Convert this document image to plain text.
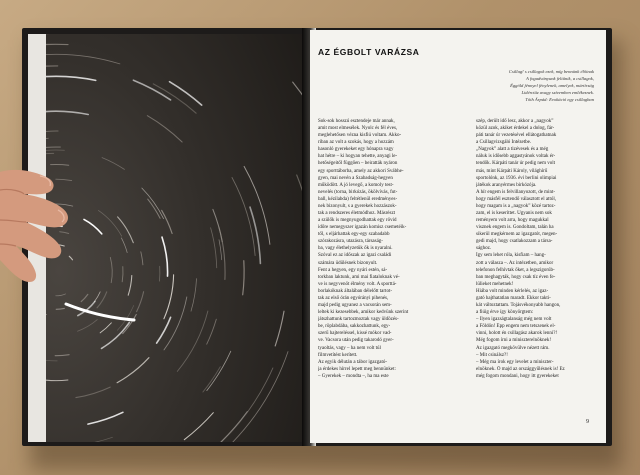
AZ ÉGBOLT VARÁZSA
Csillag! s csillagok ezek, míg bennünk élőinak
A fogadványunk feltűnik, a csillagok,
Éggöld fénnyel fénylenek, amelyek, mártírság
Lidérctűz avagy szívemben emlékeznek.
Tóth Árpád: Evokáció egy csillagban
Sok-sok hosszú esztendeje már annak,
amit most elmesélek. Nyolc és fél éves,
meglehetősen vézna kisfiú voltam. Akko-
riban az volt a szokás, hogy a hozzám
hasonló gyerekeket egy hónapra vagy
hat hétre – ki hogyan tehette, anyagi le-
hetőségeitől függően – beiratták nyáron
egy sporttáborba, amely az akkori Svábhe-
gyen, mai nevén a Szabadság-hegyen
működött. A jó levegő, a komoly test-
nevelés (torna, birkózás, ökölvívás, fut-
ball, kézilabda) feltétlenül eredményes-
nek bizonyult, s a gyerekek hozzászok-
tak a rendszeres életmódhoz. Másrészt
a szülők is megnyugodhattak egy rövid
időre nemegyszer igazán komisz csemetéik-
től, s eljárhattak egy-egy szabadabb
szórakozásra, utazásra, társaság-
ba, vagy élethelyzetük ők is nyaralni.
Szóval ez az időszak az igazi családi
számára üdülésnek bizonyult.
Fent a hegyen, egy nyári estén, sá-
torkban laktunk, ami mai fiataloknak vé-
ve is negyvenöt élmény volt. A sporttá-
borlakóknak általában délelőtt tartot-
tak az első órán egyórányi pihenés,
majd pedig ugyanez a vacsorán sem-
leltek ki kezesebbek, amikor kedvünk szerint
játszhattunk tartozmoztak vagy üldözés-
be, röplabdába, sakkozhattunk, egy-
szerű hajtereléssel, kissé mókor vad-
ve. Vacsora után pedig takarodó gyer-
tyaoltás, vagy – ha nem volt túl
filmvetítést kerített.
Az egyik délután a tábor igazgató-
ja érdekes hírrel lepett meg bennünket:
– Gyerekek – mondta –, ha ma este
szép, derült idő lesz, akkor a „nagyok”
közül azok, akiket érdekel a dolog, fár-
páti tanár úr vezetésével ellátogathatnak
a Csillagvizsgáló Intézetbe.
„Nagyok” alatt a tizévesek és a még
náluk is idősebb aggastyánok voltak ér-
tendők. Kárpáti tanár úr pedig nem volt
más, mint Kárpáti Károly, világhírű
sportolónk, az 1936. évi berlini olimpiai
játékok aranyérmes birkózója.
A hír engem is felvillanyozott, de mint-
hogy másfél esztendő választott el attól,
hogy magam is a „nagyok” közé tartoz-
zam, el is keseríttet. Ugyanis nem sok
reményem volt arra, hogy magukkal
visznek engem is. Gondoltam, talán ha
sikerül megkérnem az igazgatót, megen-
gedi majd, hogy csatlakozzam a társa-
sághoz.
Így sem lehet róla, kisfiam – hang-
zott a válasza –. Az intézetben, amikor
telefonon felhívtak őket, a legszigorúb-
ban meghagyták, hogy csak tíz éven fe-
lülieket mehetnek!
Hiába volt minden kérlelés, az igaz-
gató hajthatatlan maradt. Ekkor takti-
kát változtattam. Tojásvékonyabb hangon,
a fiúig érve így könyörgtem:
– Ilyen igazságtalanság még nem volt
a Földön! Épp engem nem tetszenek el-
vinni, holott én csillagász akarok lenni?!
Még fogom írni a miniszterelnöknek!
Az igazgató megkövülve nézett rám.
– Mit csinálsz?!
– Még ma írok egy levelet a miniszter-
elnöknek. Ő majd az országgyűlésnek is! Ez
még fogom mondani, hogy itt gyerekeket
9
